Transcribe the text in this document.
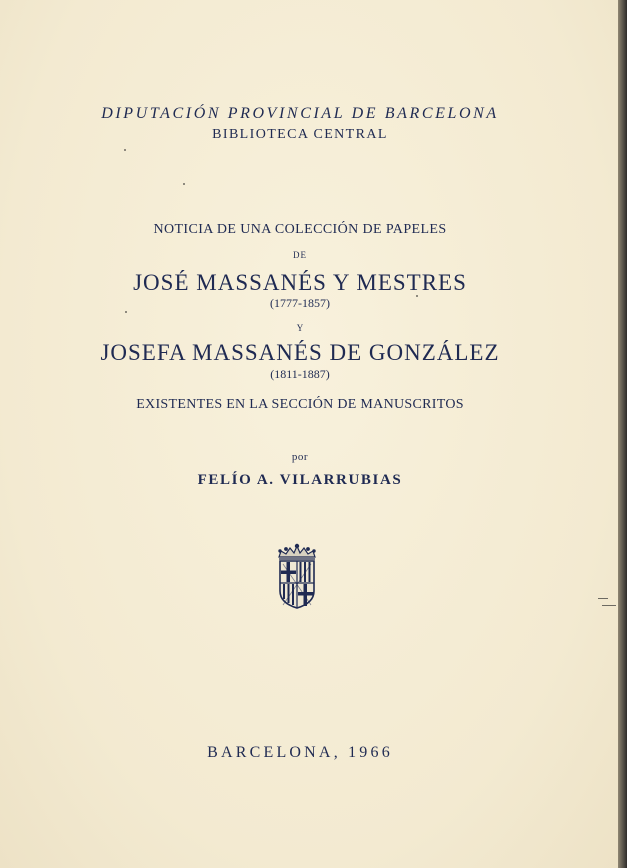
DIPUTACIÓN PROVINCIAL DE BARCELONA
BIBLIOTECA CENTRAL
NOTICIA DE UNA COLECCIÓN DE PAPELES
DE
JOSÉ MASSANÉS Y MESTRES
(1777-1857)
Y
JOSEFA MASSANÉS DE GONZÁLEZ
(1811-1887)
EXISTENTES EN LA SECCIÓN DE MANUSCRITOS
por
FELÍO A. VILARRUBIAS
BARCELONA, 1966
